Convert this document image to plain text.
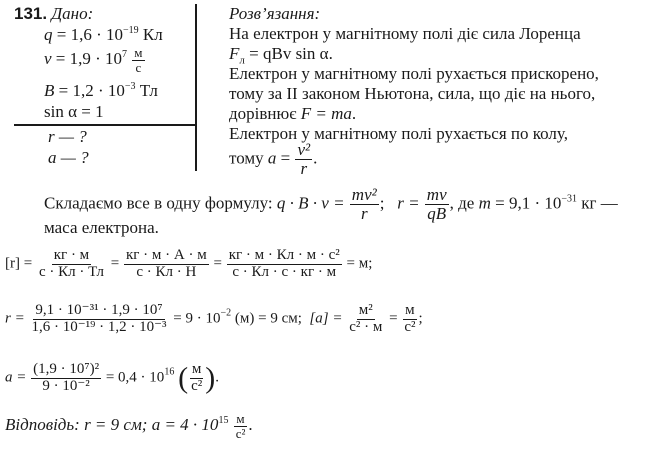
131. Дано:
$q = 1,6 \cdot 10^{-19}$ Кл
$v = 1,9 \cdot 10^7 \frac{м}{с}$
$B = 1,2 \cdot 10^{-3}$ Тл
sin α = 1
r — ?
a — ?
Розв’язання:
На електрон у магнітному полі діє сила Лоренца
$F_л$ = qBv sin α.
Електрон у магнітному полі рухається прискорено,
тому за II законом Ньютона, сила, що діє на нього,
дорівнює F = ma.
Електрон у магнітному полі рухається по колу,
тому $a = \frac{\text{v²}}{r}$ .
Складаємо все в одну формулу: $q \cdot B \cdot v = \frac{\text{mv²}}{r}$ ; $r = \frac{mv}{qB}$ , де $m = 9,1 \cdot 10^{-31}$ кг —
маса електрона.
$[r] = \frac{кг \cdot м}{с \cdot Кл \cdot Тл} = \frac{кг \cdot м \cdot А \cdot м}{с \cdot Кл \cdot Н} = \frac{\text{кг · м · Кл · м · с²}}{с \cdot Кл \cdot с \cdot кг \cdot м} = м$;
$r = \frac{\text{9,1 · 10⁻³¹ · 1,9 · 10⁷}}{\text{1,6 · 10⁻¹⁹ · 1,2 · 10⁻³}} = 9 \cdot 10^{-2}$ (м) = 9 см; $[a] = \frac{\text{м²}}{\text{с² · м}} = \frac{м}{\text{с²}}$ ;
$a = \frac{\text{(1,9 · 10⁷)²}}{\text{9 · 10⁻²}} = 0,4 \cdot 10^{16}$ ( $\frac{м}{\text{с²}}$ ).
Відповідь: r = 9 см; $a = 4 \cdot 10^{15} \frac{м}{\text{с²}}$ .
